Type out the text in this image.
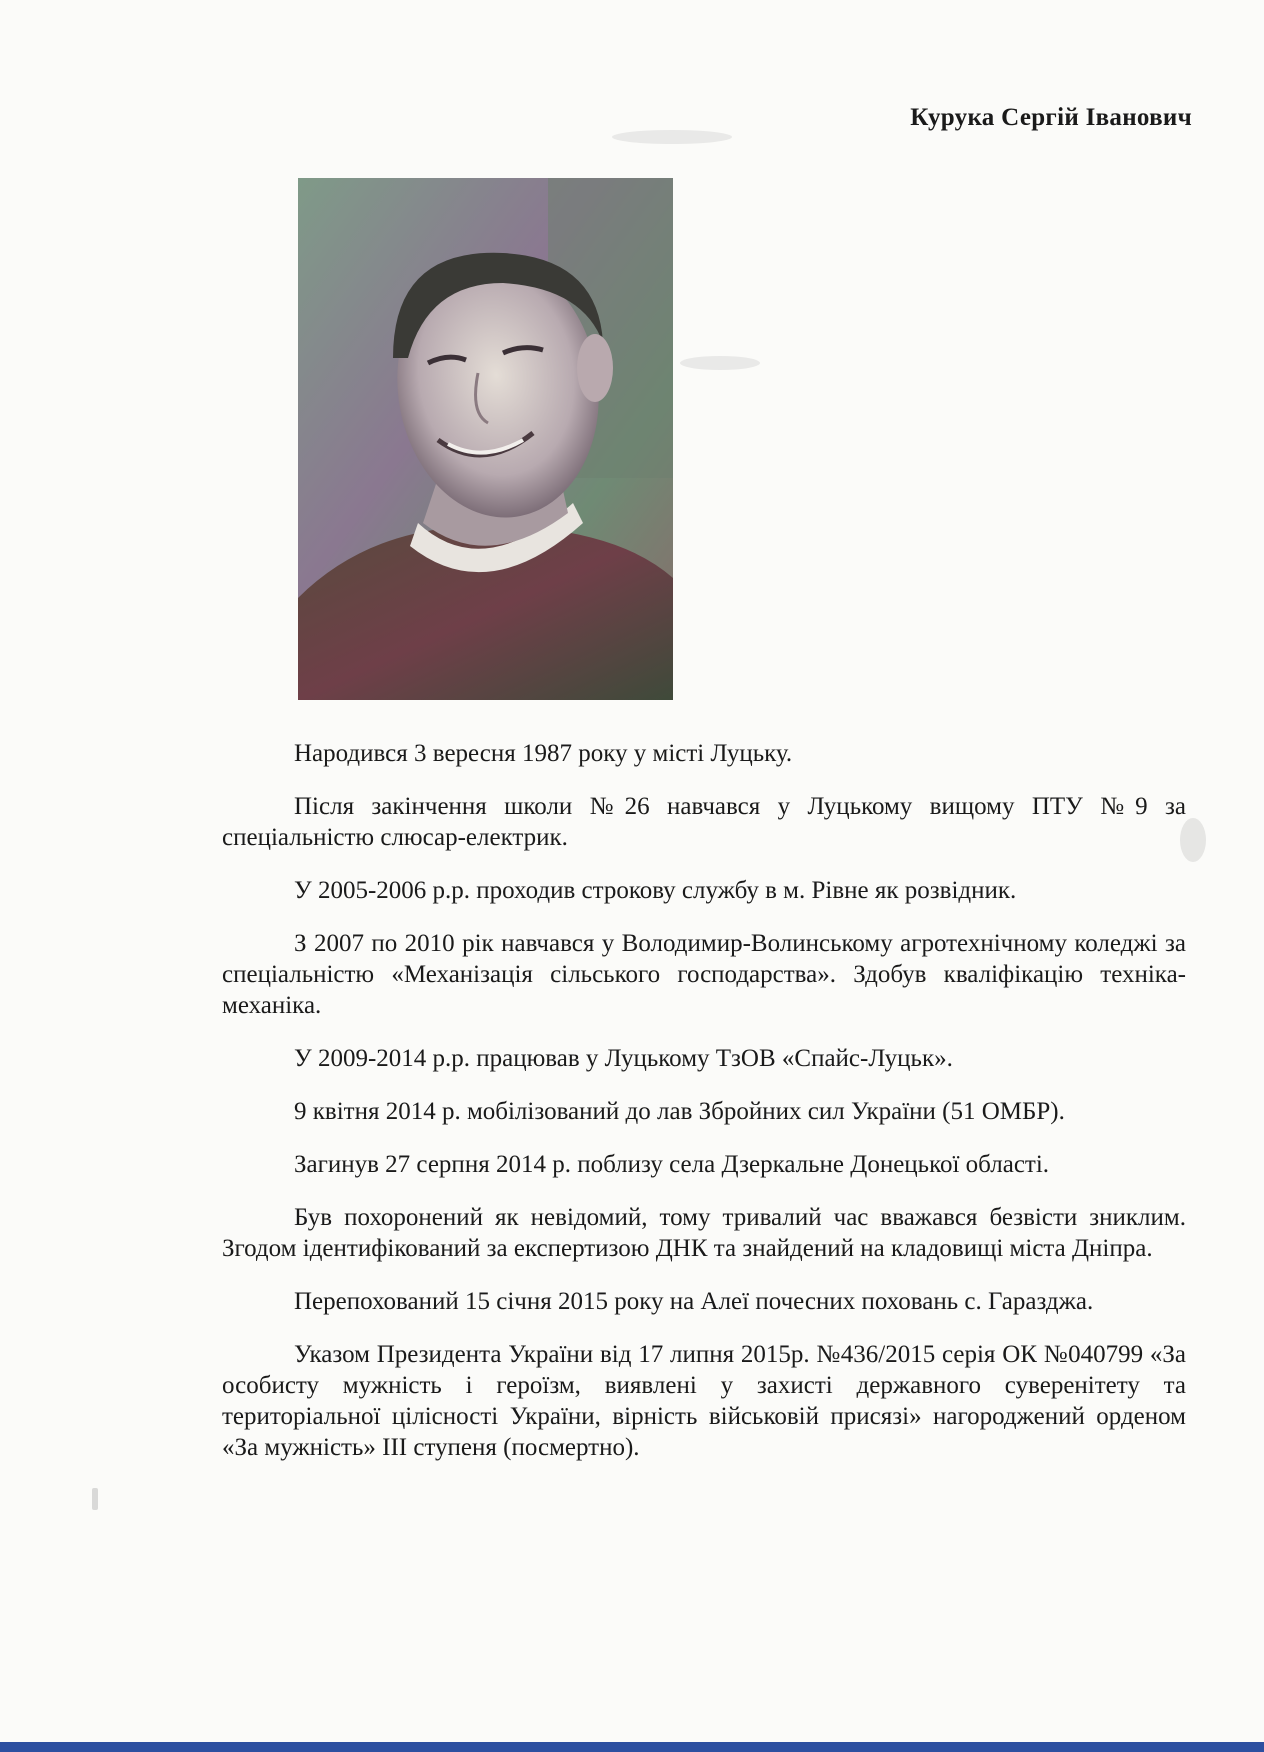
Курука Сергій Іванович

Народився 3 вересня 1987 року у місті Луцьку.

Після закінчення школи №26 навчався у Луцькому вищому ПТУ №9 за спеціальністю слюсар-електрик.

У 2005-2006 р.р. проходив строкову службу в м. Рівне як розвідник.

З 2007 по 2010 рік навчався у Володимир-Волинському агротехнічному коледжі за спеціальністю «Механізація сільського господарства». Здобув кваліфікацію техніка-механіка.

У 2009-2014 р.р. працював у Луцькому ТзОВ «Спайс-Луцьк».

9 квітня 2014 р. мобілізований до лав Збройних сил України (51 ОМБР).

Загинув 27 серпня 2014 р. поблизу села Дзеркальне Донецької області.

Був похоронений як невідомий, тому тривалий час вважався безвісти зниклим. Згодом ідентифікований за експертизою ДНК та знайдений на кладовищі міста Дніпра.

Перепохований 15 січня 2015 року на Алеї почесних поховань с. Гаразджа.

Указом Президента України від 17 липня 2015р. №436/2015 серія ОК №040799 «За особисту мужність і героїзм, виявлені у захисті державного суверенітету та територіальної цілісності України, вірність військовій присязі» нагороджений орденом «За мужність» ІІІ ступеня (посмертно).
